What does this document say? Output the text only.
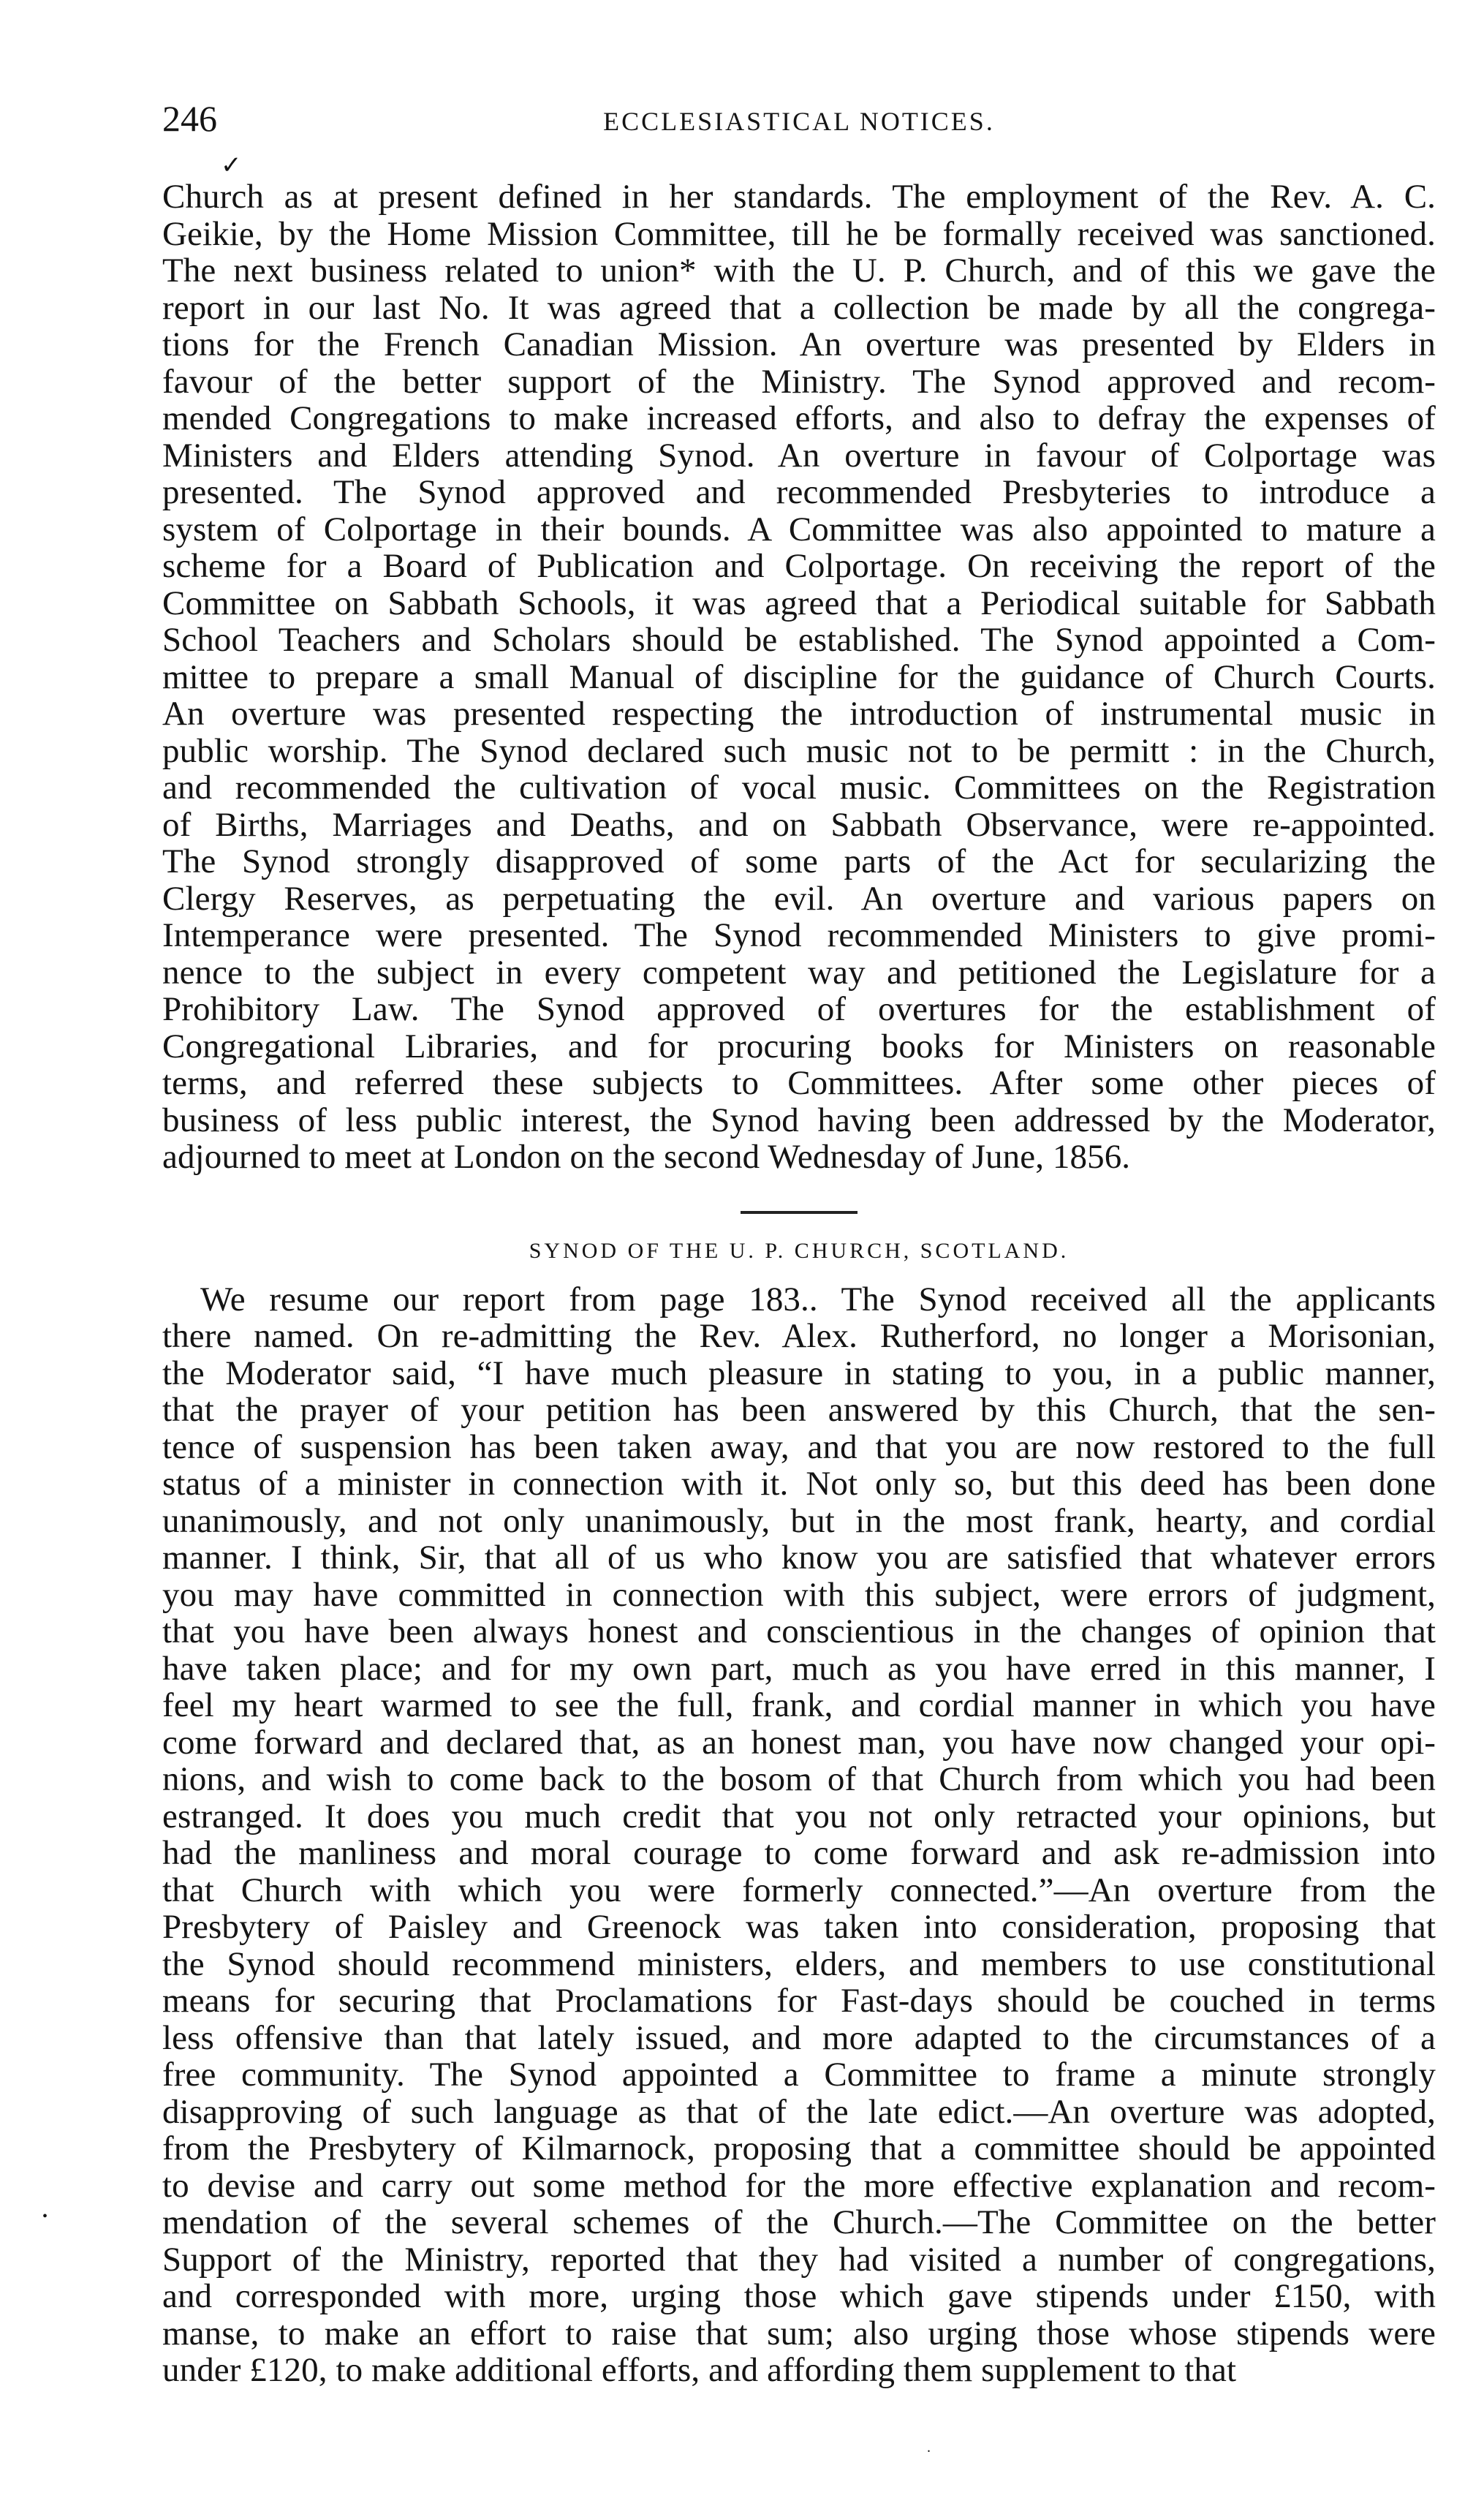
246	ECCLESIASTICAL NOTICES.
✓
Church as at present defined in her standards. The employment of the Rev. A. C.
Geikie, by the Home Mission Committee, till he be formally received was sanctioned.
The next business related to union* with the U. P. Church, and of this we gave the
report in our last No. It was agreed that a collection be made by all the congrega-
tions for the French Canadian Mission. An overture was presented by Elders in
favour of the better support of the Ministry. The Synod approved and recom-
mended Congregations to make increased efforts, and also to defray the expenses of
Ministers and Elders attending Synod. An overture in favour of Colportage was
presented. The Synod approved and recommended Presbyteries to introduce a
system of Colportage in their bounds. A Committee was also appointed to mature a
scheme for a Board of Publication and Colportage. On receiving the report of the
Committee on Sabbath Schools, it was agreed that a Periodical suitable for Sabbath
School Teachers and Scholars should be established. The Synod appointed a Com-
mittee to prepare a small Manual of discipline for the guidance of Church Courts.
An overture was presented respecting the introduction of instrumental music in
public worship. The Synod declared such music not to be permitt : in the Church,
and recommended the cultivation of vocal music. Committees on the Registration
of Births, Marriages and Deaths, and on Sabbath Observance, were re-appointed.
The Synod strongly disapproved of some parts of the Act for secularizing the
Clergy Reserves, as perpetuating the evil. An overture and various papers on
Intemperance were presented. The Synod recommended Ministers to give promi-
nence to the subject in every competent way and petitioned the Legislature for a
Prohibitory Law. The Synod approved of overtures for the establishment of
Congregational Libraries, and for procuring books for Ministers on reasonable
terms, and referred these subjects to Committees. After some other pieces of
business of less public interest, the Synod having been addressed by the Moderator,
adjourned to meet at London on the second Wednesday of June, 1856.
SYNOD OF THE U. P. CHURCH, SCOTLAND.
We resume our report from page 183.. The Synod received all the applicants
there named. On re-admitting the Rev. Alex. Rutherford, no longer a Morisonian,
the Moderator said, “I have much pleasure in stating to you, in a public manner,
that the prayer of your petition has been answered by this Church, that the sen-
tence of suspension has been taken away, and that you are now restored to the full
status of a minister in connection with it. Not only so, but this deed has been done
unanimously, and not only unanimously, but in the most frank, hearty, and cordial
manner. I think, Sir, that all of us who know you are satisfied that whatever errors
you may have committed in connection with this subject, were errors of judgment,
that you have been always honest and conscientious in the changes of opinion that
have taken place; and for my own part, much as you have erred in this manner, I
feel my heart warmed to see the full, frank, and cordial manner in which you have
come forward and declared that, as an honest man, you have now changed your opi-
nions, and wish to come back to the bosom of that Church from which you had been
estranged. It does you much credit that you not only retracted your opinions, but
had the manliness and moral courage to come forward and ask re-admission into
that Church with which you were formerly connected.”—An overture from the
Presbytery of Paisley and Greenock was taken into consideration, proposing that
the Synod should recommend ministers, elders, and members to use constitutional
means for securing that Proclamations for Fast-days should be couched in terms
less offensive than that lately issued, and more adapted to the circumstances of a
free community. The Synod appointed a Committee to frame a minute strongly
disapproving of such language as that of the late edict.—An overture was adopted,
from the Presbytery of Kilmarnock, proposing that a committee should be appointed
to devise and carry out some method for the more effective explanation and recom-
mendation of the several schemes of the Church.—The Committee on the better
Support of the Ministry, reported that they had visited a number of congregations,
and corresponded with more, urging those which gave stipends under £150, with
manse, to make an effort to raise that sum; also urging those whose stipends were
under £120, to make additional efforts, and affording them supplement to that
•
.
